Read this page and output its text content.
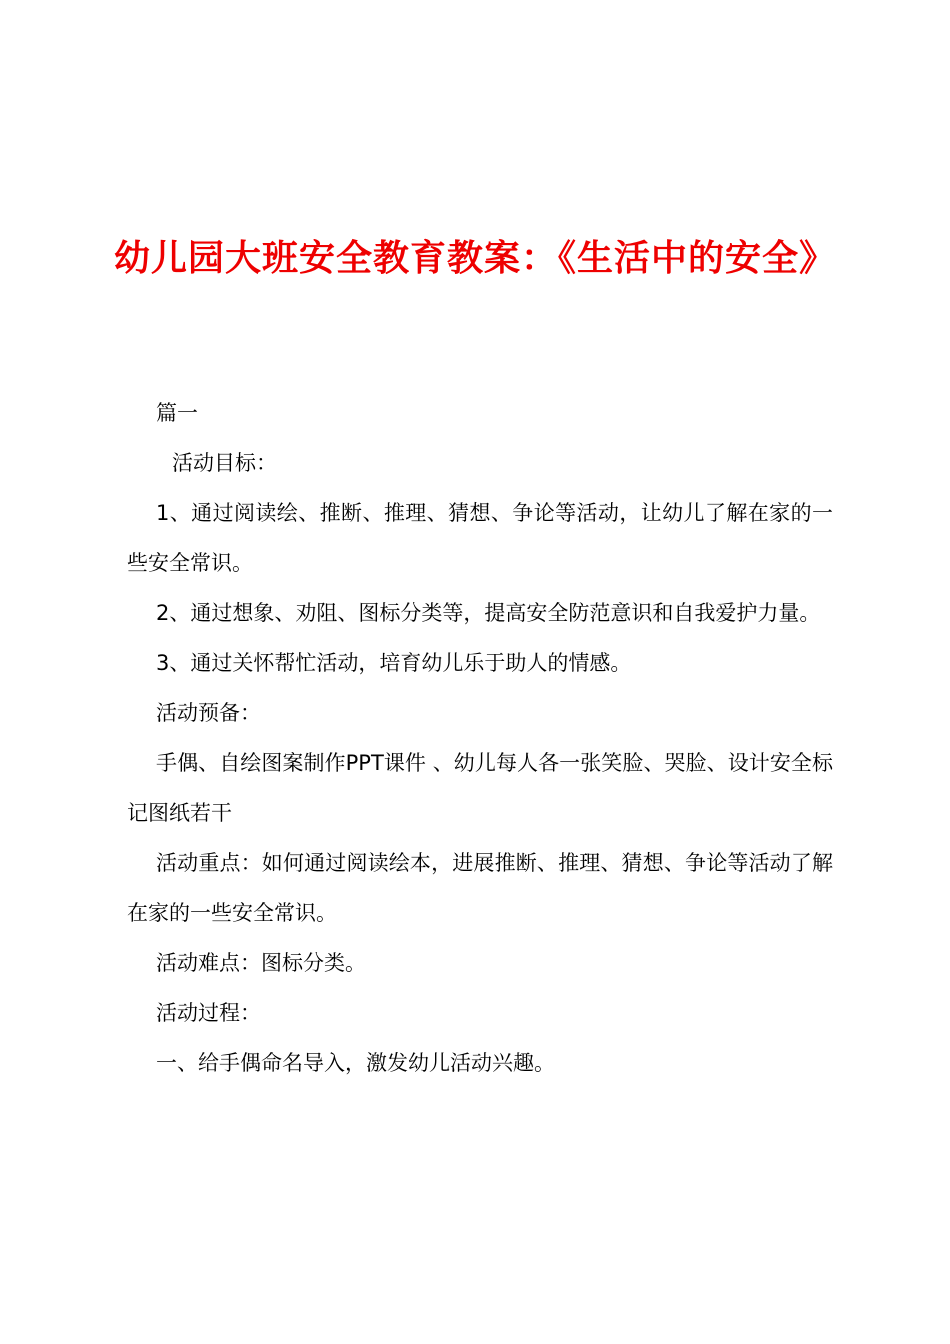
幼儿园大班安全教育教案：《生活中的安全》

篇一

活动目标：

1、通过阅读绘、推断、推理、猜想、争论等活动，让幼儿了解在家的一些安全常识。

2、通过想象、劝阻、图标分类等，提高安全防范意识和自我爱护力量。

3、通过关怀帮忙活动，培育幼儿乐于助人的情感。

活动预备：

手偶、自绘图案制作PPT课件 、幼儿每人各一张笑脸、哭脸、设计安全标记图纸若干

活动重点：如何通过阅读绘本，进展推断、推理、猜想、争论等活动了解在家的一些安全常识。

活动难点：图标分类。

活动过程：

一、给手偶命名导入，激发幼儿活动兴趣。
